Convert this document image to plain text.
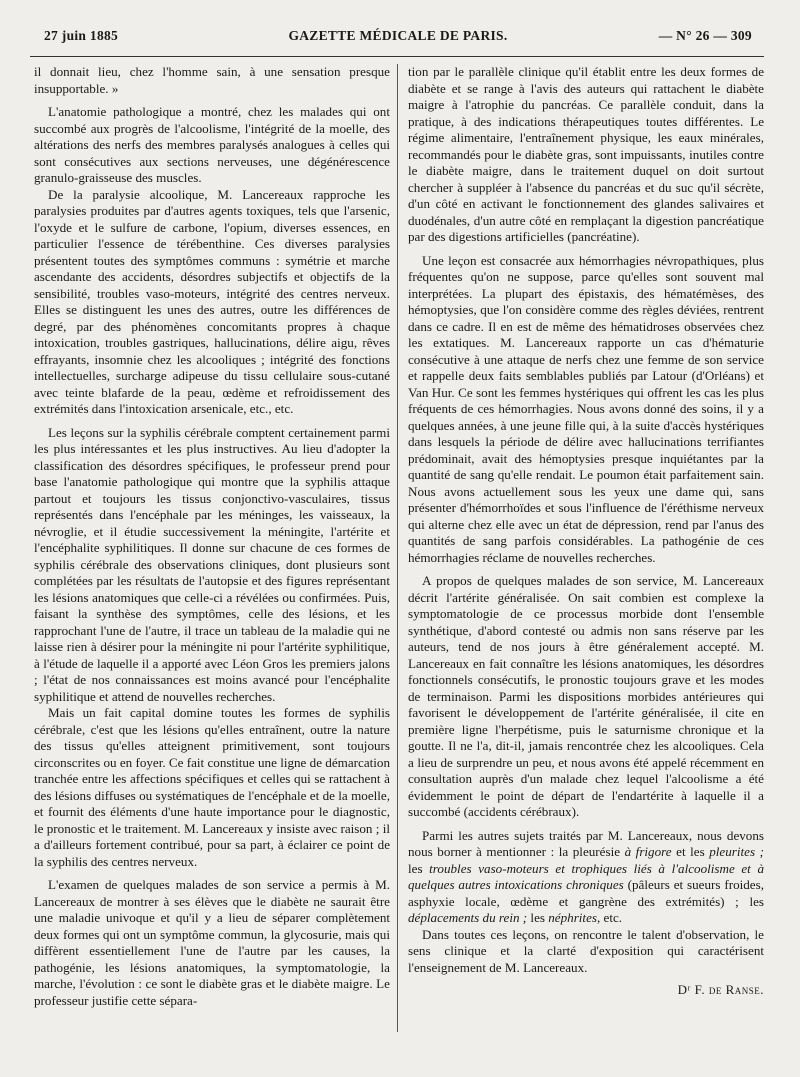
27 juin 1885	GAZETTE MÉDICALE DE PARIS.	— N° 26 — 309

il donnait lieu, chez l'homme sain, à une sensation presque insupportable. »

L'anatomie pathologique a montré, chez les malades qui ont succombé aux progrès de l'alcoolisme, l'intégrité de la moelle, des altérations des nerfs des membres paralysés analogues à celles qui sont consécutives aux sections nerveuses, une dégénérescence granulo-graisseuse des muscles.

De la paralysie alcoolique, M. Lancereaux rapproche les paralysies produites par d'autres agents toxiques, tels que l'arsenic, l'oxyde et le sulfure de carbone, l'opium, diverses essences, en particulier l'essence de térébenthine. Ces diverses paralysies présentent toutes des symptômes communs : symétrie et marche ascendante des accidents, désordres subjectifs et objectifs de la sensibilité, troubles vaso-moteurs, intégrité des centres nerveux. Elles se distinguent les unes des autres, outre les différences de degré, par des phénomènes concomitants propres à chaque intoxication, troubles gastriques, hallucinations, délire aigu, rêves effrayants, insomnie chez les alcooliques ; intégrité des fonctions intellectuelles, surcharge adipeuse du tissu cellulaire sous-cutané avec teinte blafarde de la peau, œdème et refroidissement des extrémités dans l'intoxication arsenicale, etc., etc.

Les leçons sur la syphilis cérébrale comptent certainement parmi les plus intéressantes et les plus instructives. Au lieu d'adopter la classification des désordres spécifiques, le professeur prend pour base l'anatomie pathologique qui montre que la syphilis attaque partout et toujours les tissus conjonctivo-vasculaires, tissus représentés dans l'encéphale par les méninges, les vaisseaux, la névroglie, et il étudie successivement la méningite, l'artérite et l'encéphalite syphilitiques. Il donne sur chacune de ces formes de syphilis cérébrale des observations cliniques, dont plusieurs sont complétées par les résultats de l'autopsie et des figures représentant les lésions anatomiques que celle-ci a révélées ou confirmées. Puis, faisant la synthèse des symptômes, celle des lésions, et les rapprochant l'une de l'autre, il trace un tableau de la maladie qui ne laisse rien à désirer pour la méningite ni pour l'artérite syphilitique, à l'étude de laquelle il a apporté avec Léon Gros les premiers jalons ; l'état de nos connaissances est moins avancé pour l'encéphalite syphilitique et attend de nouvelles recherches.

Mais un fait capital domine toutes les formes de syphilis cérébrale, c'est que les lésions qu'elles entraînent, outre la nature des tissus qu'elles atteignent primitivement, sont toujours circonscrites ou en foyer. Ce fait constitue une ligne de démarcation tranchée entre les affections spécifiques et celles qui se rattachent à des lésions diffuses ou systématiques de l'encéphale et de la moelle, et fournit des éléments d'une haute importance pour le diagnostic, le pronostic et le traitement. M. Lancereaux y insiste avec raison ; il a d'ailleurs fortement contribué, pour sa part, à éclairer ce point de la syphilis des centres nerveux.

L'examen de quelques malades de son service a permis à M. Lancereaux de montrer à ses élèves que le diabète ne saurait être une maladie univoque et qu'il y a lieu de séparer complètement deux formes qui ont un symptôme commun, la glycosurie, mais qui diffèrent essentiellement l'une de l'autre par les causes, la pathogénie, les lésions anatomiques, la symptomatologie, la marche, l'évolution : ce sont le diabète gras et le diabète maigre. Le professeur justifie cette sépara-

tion par le parallèle clinique qu'il établit entre les deux formes de diabète et se range à l'avis des auteurs qui rattachent le diabète maigre à l'atrophie du pancréas. Ce parallèle conduit, dans la pratique, à des indications thérapeutiques toutes différentes. Le régime alimentaire, l'entraînement physique, les eaux minérales, recommandés pour le diabète gras, sont impuissants, inutiles contre le diabète maigre, dans le traitement duquel on doit surtout chercher à suppléer à l'absence du pancréas et du suc qu'il sécrète, d'un côté en activant le fonctionnement des glandes salivaires et duodénales, d'un autre côté en remplaçant la digestion pancréatique par des digestions artificielles (pancréatine).

Une leçon est consacrée aux hémorrhagies névropathiques, plus fréquentes qu'on ne suppose, parce qu'elles sont souvent mal interprétées. La plupart des épistaxis, des hématémèses, des hémoptysies, que l'on considère comme des règles déviées, rentrent dans ce cadre. Il en est de même des hématidroses observées chez les extatiques. M. Lancereaux rapporte un cas d'hématurie consécutive à une attaque de nerfs chez une femme de son service et rappelle deux faits semblables publiés par Latour (d'Orléans) et Van Hur. Ce sont les femmes hystériques qui offrent les cas les plus fréquents de ces hémorrhagies. Nous avons donné des soins, il y a quelques années, à une jeune fille qui, à la suite d'accès hystériques dans lesquels la période de délire avec hallucinations terrifiantes prédominait, avait des hémoptysies presque inquiétantes par la quantité de sang qu'elle rendait. Le poumon était parfaitement sain. Nous avons actuellement sous les yeux une dame qui, sans présenter d'hémorrhoïdes et sous l'influence de l'éréthisme nerveux qui alterne chez elle avec un état de dépression, rend par l'anus des quantités de sang parfois considérables. La pathogénie de ces hémorrhagies réclame de nouvelles recherches.

A propos de quelques malades de son service, M. Lancereaux décrit l'artérite généralisée. On sait combien est complexe la symptomatologie de ce processus morbide dont l'ensemble synthétique, d'abord contesté ou admis non sans réserve par les auteurs, tend de nos jours à être généralement accepté. M. Lancereaux en fait connaître les lésions anatomiques, les désordres fonctionnels consécutifs, le pronostic toujours grave et les modes de terminaison. Parmi les dispositions morbides antérieures qui favorisent le développement de l'artérite généralisée, il cite en première ligne l'herpétisme, puis le saturnisme chronique et la goutte. Il ne l'a, dit-il, jamais rencontrée chez les alcooliques. Cela a lieu de surprendre un peu, et nous avons été appelé récemment en consultation auprès d'un malade chez lequel l'alcoolisme a été évidemment le point de départ de l'endartérite à laquelle il a succombé (accidents cérébraux).

Parmi les autres sujets traités par M. Lancereaux, nous devons nous borner à mentionner : la pleurésie à frigore et les pleurites ; les troubles vaso-moteurs et trophiques liés à l'alcoolisme et à quelques autres intoxications chroniques (pâleurs et sueurs froides, asphyxie locale, œdème et gangrène des extrémités) ; les déplacements du rein ; les néphrites, etc.

Dans toutes ces leçons, on rencontre le talent d'observation, le sens clinique et la clarté d'exposition qui caractérisent l'enseignement de M. Lancereaux.

Dʳ F. de Ranse.
